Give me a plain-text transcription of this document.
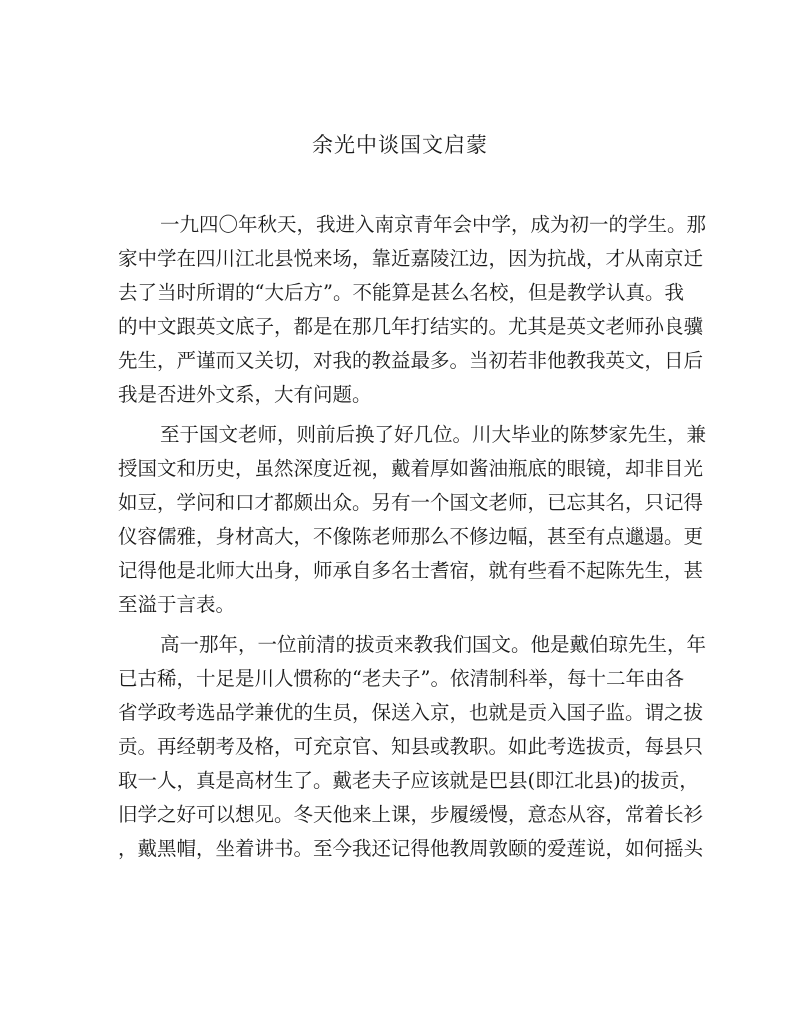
余光中谈国文启蒙
一九四〇年秋天，我进入南京青年会中学，成为初一的学生。那
家中学在四川江北县悦来场，靠近嘉陵江边，因为抗战，才从南京迁
去了当时所谓的“大后方”。不能算是甚么名校，但是教学认真。我
的中文跟英文底子，都是在那几年打结实的。尤其是英文老师孙良骥
先生，严谨而又关切，对我的教益最多。当初若非他教我英文，日后
我是否进外文系，大有问题。
至于国文老师，则前后换了好几位。川大毕业的陈梦家先生，兼
授国文和历史，虽然深度近视，戴着厚如酱油瓶底的眼镜，却非目光
如豆，学问和口才都颇出众。另有一个国文老师，已忘其名，只记得
仪容儒雅，身材高大，不像陈老师那么不修边幅，甚至有点邋遢。更
记得他是北师大出身，师承自多名士耆宿，就有些看不起陈先生，甚
至溢于言表。
高一那年，一位前清的拔贡来教我们国文。他是戴伯琼先生，年
已古稀，十足是川人惯称的“老夫子”。依清制科举，每十二年由各
省学政考选品学兼优的生员，保送入京，也就是贡入国子监。谓之拔
贡。再经朝考及格，可充京官、知县或教职。如此考选拔贡，每县只
取一人，真是高材生了。戴老夫子应该就是巴县(即江北县)的拔贡，
旧学之好可以想见。冬天他来上课，步履缓慢，意态从容，常着长衫
，戴黑帽，坐着讲书。至今我还记得他教周敦颐的爱莲说，如何摇头
